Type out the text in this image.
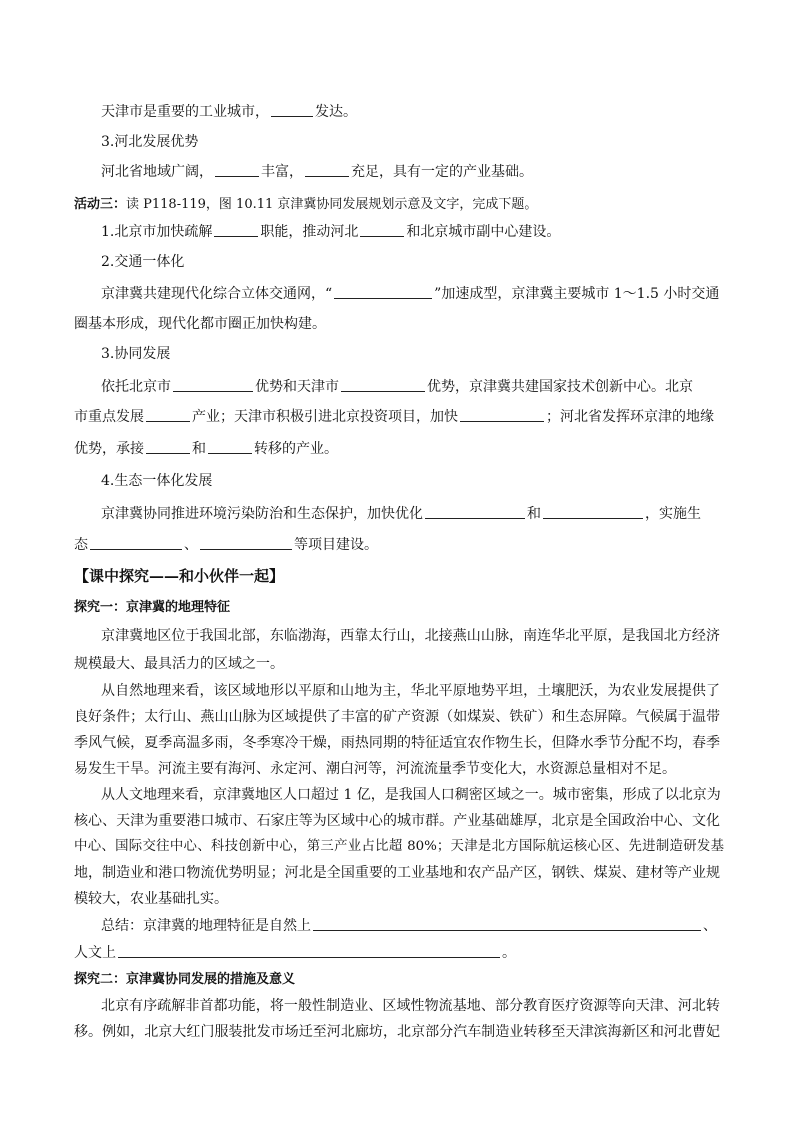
天津市是重要的工业城市，	发达。
3.河北发展优势
河北省地域广阔，	丰富，	充足，具有一定的产业基础。
活动三：读 P118-119，图 10.11 京津冀协同发展规划示意及文字，完成下题。
1.北京市加快疏解	职能，推动河北	和北京城市副中心建设。
2.交通一体化
京津冀共建现代化综合立体交通网，“	”加速成型，京津冀主要城市 1～1.5 小时交通
圈基本形成，现代化都市圈正加快构建。
3.协同发展
依托北京市	优势和天津市	优势，京津冀共建国家技术创新中心。北京
市重点发展	产业；天津市积极引进北京投资项目，加快	；河北省发挥环京津的地缘
优势，承接	和	转移的产业。
4.生态一体化发展
京津冀协同推进环境污染防治和生态保护，加快优化	和	，实施生
态	、	等项目建设。
【课中探究——和小伙伴一起】
探究一：京津冀的地理特征
京津冀地区位于我国北部，东临渤海，西靠太行山，北接燕山山脉，南连华北平原，是我国北方经济
规模最大、最具活力的区域之一。
从自然地理来看，该区域地形以平原和山地为主，华北平原地势平坦，土壤肥沃，为农业发展提供了
良好条件；太行山、燕山山脉为区域提供了丰富的矿产资源（如煤炭、铁矿）和生态屏障。气候属于温带
季风气候，夏季高温多雨，冬季寒冷干燥，雨热同期的特征适宜农作物生长，但降水季节分配不均，春季
易发生干旱。河流主要有海河、永定河、潮白河等，河流流量季节变化大，水资源总量相对不足。
从人文地理来看，京津冀地区人口超过 1 亿，是我国人口稠密区域之一。城市密集，形成了以北京为
核心、天津为重要港口城市、石家庄等为区域中心的城市群。产业基础雄厚，北京是全国政治中心、文化
中心、国际交往中心、科技创新中心，第三产业占比超 80%；天津是北方国际航运核心区、先进制造研发基
地，制造业和港口物流优势明显；河北是全国重要的工业基地和农产品产区，钢铁、煤炭、建材等产业规
模较大，农业基础扎实。
总结：京津冀的地理特征是自然上	、
人文上	。
探究二：京津冀协同发展的措施及意义
北京有序疏解非首都功能，将一般性制造业、区域性物流基地、部分教育医疗资源等向天津、河北转
移。例如，北京大红门服装批发市场迁至河北廊坊，北京部分汽车制造业转移至天津滨海新区和河北曹妃
